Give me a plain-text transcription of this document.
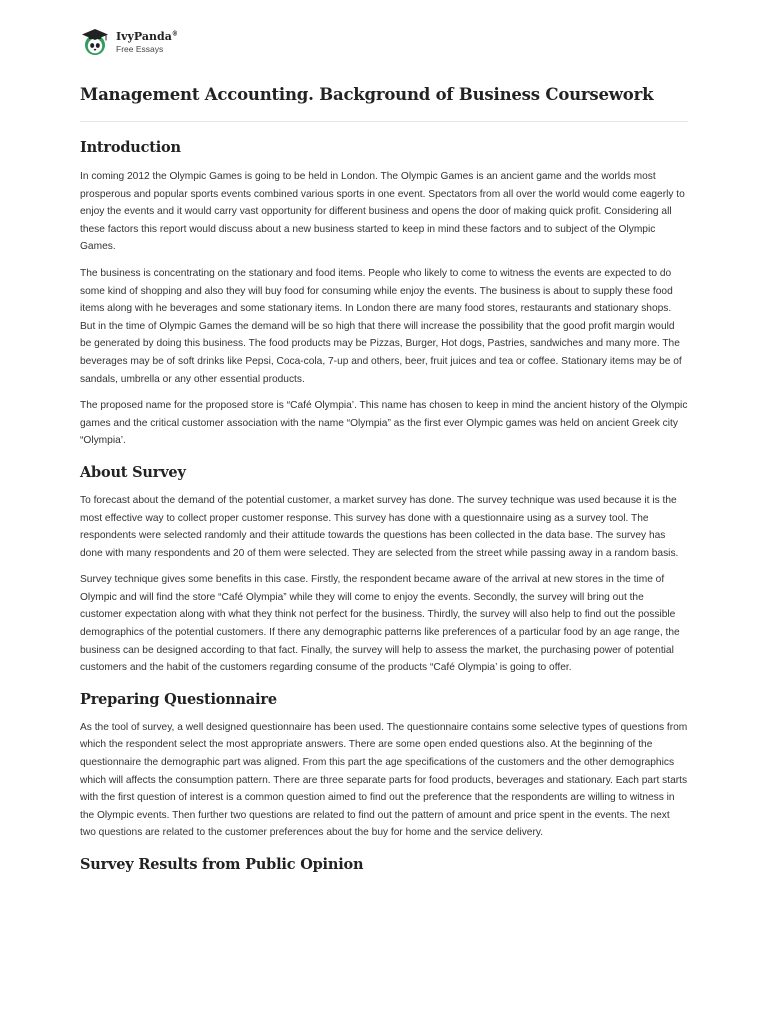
IvyPanda®
Free Essays
Management Accounting. Background of Business Coursework
Introduction

In coming 2012 the Olympic Games is going to be held in London. The Olympic Games is an ancient game and the worlds most prosperous and popular sports events combined various sports in one event. Spectators from all over the world would come eagerly to enjoy the events and it would carry vast opportunity for different business and opens the door of making quick profit. Considering all these factors this report would discuss about a new business started to keep in mind these factors and to subject of the Olympic Games.

The business is concentrating on the stationary and food items. People who likely to come to witness the events are expected to do some kind of shopping and also they will buy food for consuming while enjoy the events. The business is about to supply these food items along with he beverages and some stationary items. In London there are many food stores, restaurants and stationary shops. But in the time of Olympic Games the demand will be so high that there will increase the possibility that the good profit margin would be generated by doing this business. The food products may be Pizzas, Burger, Hot dogs, Pastries, sandwiches and many more. The beverages may be of soft drinks like Pepsi, Coca-cola, 7-up and others, beer, fruit juices and tea or coffee. Stationary items may be of sandals, umbrella or any other essential products.

The proposed name for the proposed store is “Café Olympia’. This name has chosen to keep in mind the ancient history of the Olympic games and the critical customer association with the name “Olympia” as the first ever Olympic games was held on ancient Greek city “Olympia’.

About Survey

To forecast about the demand of the potential customer, a market survey has done. The survey technique was used because it is the most effective way to collect proper customer response. This survey has done with a questionnaire using as a survey tool. The respondents were selected randomly and their attitude towards the questions has been collected in the data base. The survey has done with many respondents and 20 of them were selected. They are selected from the street while passing away in a random basis.

Survey technique gives some benefits in this case. Firstly, the respondent became aware of the arrival at new stores in the time of Olympic and will find the store “Café Olympia” while they will come to enjoy the events. Secondly, the survey will bring out the customer expectation along with what they think not perfect for the business. Thirdly, the survey will also help to find out the possible demographics of the potential customers. If there any demographic patterns like preferences of a particular food by an age range, the business can be designed according to that fact. Finally, the survey will help to assess the market, the purchasing power of potential customers and the habit of the customers regarding consume of the products “Café Olympia’ is going to offer.

Preparing Questionnaire

As the tool of survey, a well designed questionnaire has been used. The questionnaire contains some selective types of questions from which the respondent select the most appropriate answers. There are some open ended questions also. At the beginning of the questionnaire the demographic part was aligned. From this part the age specifications of the customers and the other demographics which will affects the consumption pattern. There are three separate parts for food products, beverages and stationary. Each part starts with the first question of interest is a common question aimed to find out the preference that the respondents are willing to witness in the Olympic events. Then further two questions are related to find out the pattern of amount and price spent in the events. The next two questions are related to the customer preferences about the buy for home and the service delivery.

Survey Results from Public Opinion
